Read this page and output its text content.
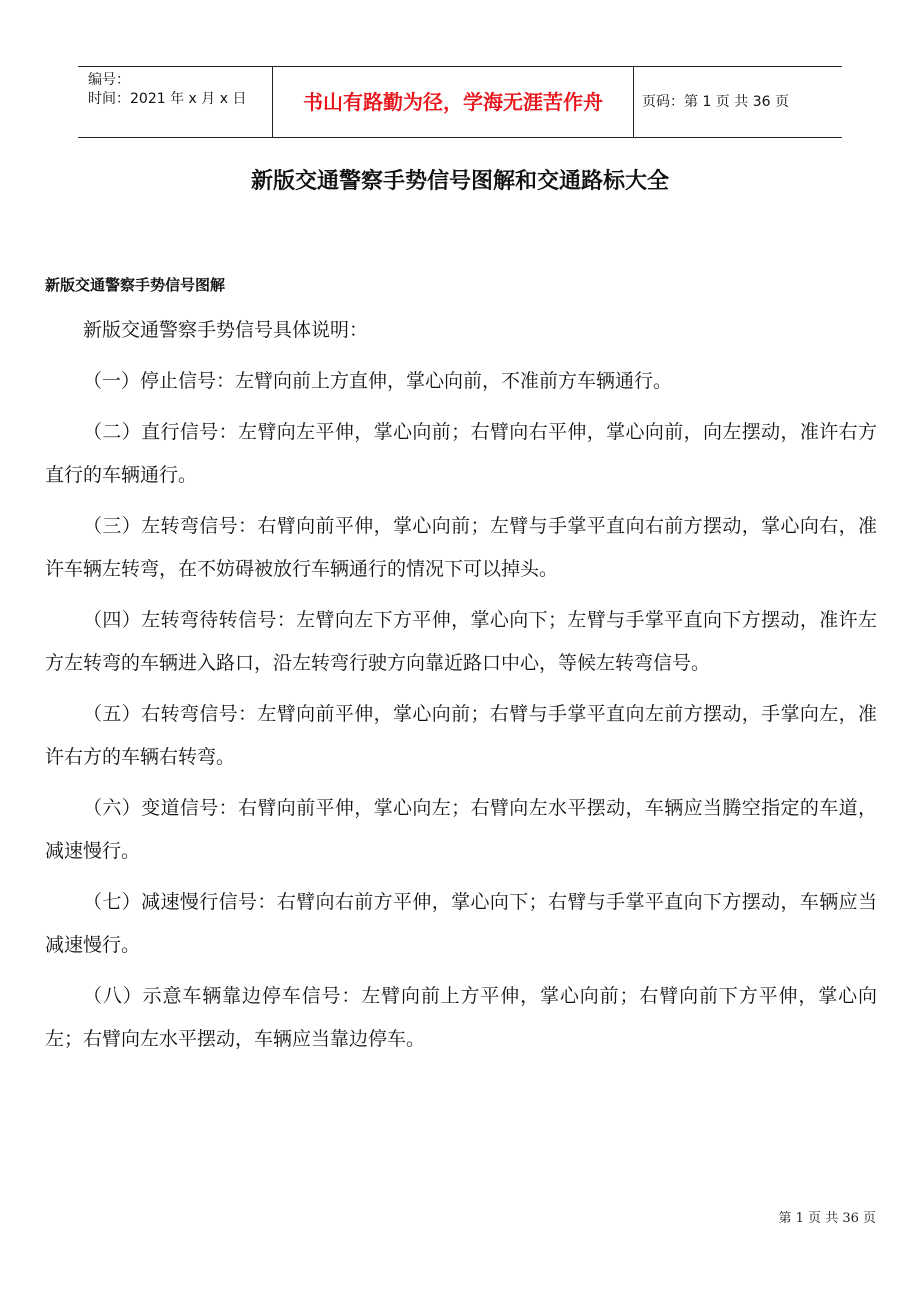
编号：
时间：2021 年 x 月 x 日	书山有路勤为径，学海无涯苦作舟	页码：第 1 页 共 36 页
新版交通警察手势信号图解和交通路标大全
新版交通警察手势信号图解

新版交通警察手势信号具体说明：

（一）停止信号：左臂向前上方直伸，掌心向前，不准前方车辆通行。

（二）直行信号：左臂向左平伸，掌心向前；右臂向右平伸，掌心向前，向左摆动，准许右方直行的车辆通行。

（三）左转弯信号：右臂向前平伸，掌心向前；左臂与手掌平直向右前方摆动，掌心向右，准许车辆左转弯，在不妨碍被放行车辆通行的情况下可以掉头。

（四）左转弯待转信号：左臂向左下方平伸，掌心向下；左臂与手掌平直向下方摆动，准许左方左转弯的车辆进入路口，沿左转弯行驶方向靠近路口中心，等候左转弯信号。

（五）右转弯信号：左臂向前平伸，掌心向前；右臂与手掌平直向左前方摆动，手掌向左，准许右方的车辆右转弯。

（六）变道信号：右臂向前平伸，掌心向左；右臂向左水平摆动，车辆应当腾空指定的车道，减速慢行。

（七）减速慢行信号：右臂向右前方平伸，掌心向下；右臂与手掌平直向下方摆动，车辆应当减速慢行。

（八）示意车辆靠边停车信号：左臂向前上方平伸，掌心向前；右臂向前下方平伸，掌心向左；右臂向左水平摆动，车辆应当靠边停车。

第 1 页 共 36 页
